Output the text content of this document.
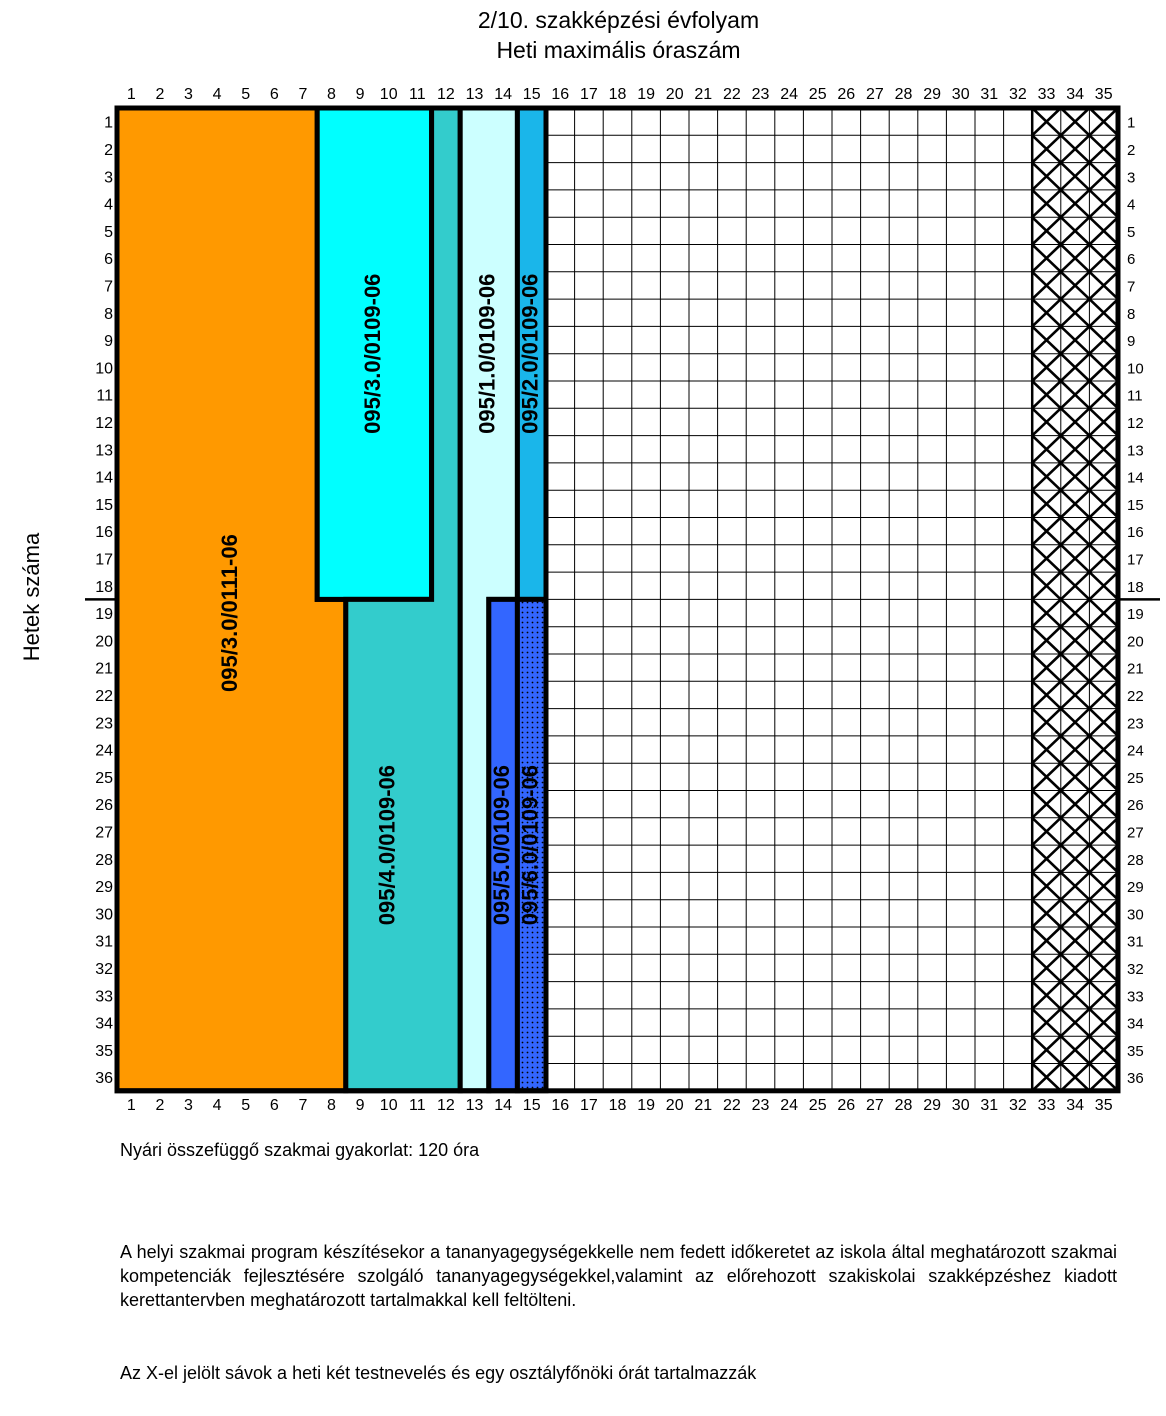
2/10. szakképzési évfolyam
Heti maximális óraszám
Hetek száma	095/3.0/0111-06
095/3.0/0109-06
095/4.0/0109-06
095/1.0/0109-06 095/2.0/0109-06
095/5.0/0109-06 095/6.0/0109-06
1
1
2
2
3
3
4
4
5
5
6
6
7
7
8
8
9
9
10
10
11
11
12
12
13
13
14
14
15
15
16
16
17
17
18
18
19
19
20
20
21
21
22
22
23
23
24
24
25
25
26
26
27
27
28
28
29
29
30
30
31
31
32
32
33
33
34
34
35
35
1	1
2	2
3	3
4	4
5	5
6	6
7	7
8	8
9	9
10	10
11	11
12	12
13	13
14	14
15	15
16	16
17	17
18	18
19	19
20	20
21	21
22	22
23	23
24	24
25	25
26	26
27	27
28	28
29	29
30	30
31	31
32	32
33	33
34	34
35	35
36	36
Nyári összefüggő szakmai gyakorlat: 120 óra
A helyi szakmai program készítésekor a tananyagegységekkelle nem fedett időkeretet az iskola által meghatározott szakmai kompetenciák fejlesztésére szolgáló tananyagegységekkel,valamint az előrehozott szakiskolai szakképzéshez kiadott kerettantervben meghatározott tartalmakkal kell feltölteni.
Az X-el jelölt sávok a heti két testnevelés és egy osztályfőnöki órát tartalmazzák
